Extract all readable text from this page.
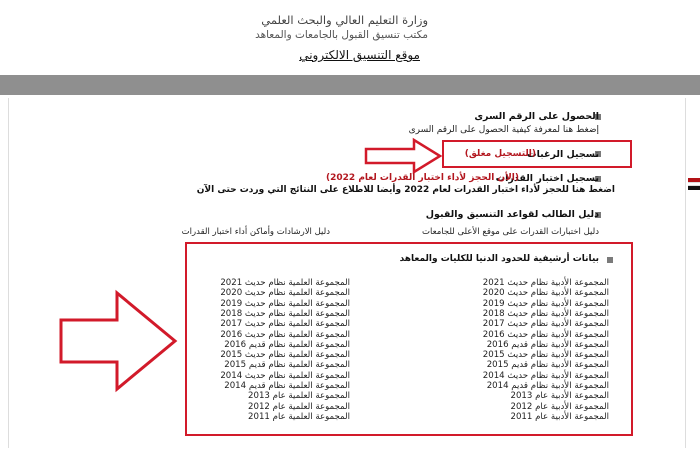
وزارة التعليم العالي والبحث العلمي
مكتب تنسيق القبول بالجامعات والمعاهد
موقع التنسيق الالكتروني
الحصول على الرقم السرى
إضغط هنا لمعرفة كيفية الحصول على الرقم السرى
تسجيل الرغبات
(التسجيل مغلق)
تسجيل اختبار القدرات
(الأن الحجز لأداء اختبار القدرات لعام 2022)
اضغط هنا للحجز لأداء اختبار القدرات لعام 2022 وأيضا للاطلاع على النتائج التي وردت حتى الآن
دليل الطالب لقواعد التنسيق والقبول
دليل اختبارات القدرات على موقع الأعلى للجامعات
دليل الارشادات وأماكن أداء اختبار القدرات
بيانات أرشيفية للحدود الدنيا للكليات والمعاهد
المجموعة الأدبية نظام حديث 2021
المجموعة الأدبية نظام حديث 2020
المجموعة الأدبية نظام حديث 2019
المجموعة الأدبية نظام حديث 2018
المجموعة الأدبية نظام حديث 2017
المجموعة الأدبية نظام حديث 2016
المجموعة الأدبية نظام قديم 2016
المجموعة الأدبية نظام حديث 2015
المجموعة الأدبية نظام قديم 2015
المجموعة الأدبية نظام حديث 2014
المجموعة الأدبية نظام قديم 2014
المجموعة الأدبية عام 2013
المجموعة الأدبية عام 2012
المجموعة الأدبية عام 2011
المجموعة العلمية نظام حديث 2021
المجموعة العلمية نظام حديث 2020
المجموعة العلمية نظام حديث 2019
المجموعة العلمية نظام حديث 2018
المجموعة العلمية نظام حديث 2017
المجموعة العلمية نظام حديث 2016
المجموعة العلمية نظام قديم 2016
المجموعة العلمية نظام حديث 2015
المجموعة العلمية نظام قديم 2015
المجموعة العلمية نظام حديث 2014
المجموعة العلمية نظام قديم 2014
المجموعة العلمية عام 2013
المجموعة العلمية عام 2012
المجموعة العلمية عام 2011
